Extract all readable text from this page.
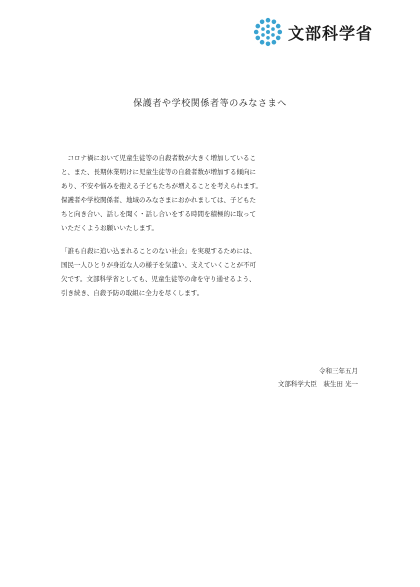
文部科学省
保護者や学校関係者等のみなさまへ
　コロナ禍において児童生徒等の自殺者数が大きく増加しているこ
と、また、長期休業明けに児童生徒等の自殺者数が増加する傾向に
あり、不安や悩みを抱える子どもたちが増えることを考えられます。
保護者や学校関係者、地域のみなさまにおかれましては、子どもた
ちと向き合い、話しを聞く・話し合いをする時間を積極的に取って
いただくようお願いいたします。
「誰も自殺に追い込まれることのない社会」を実現するためには、
国民一人ひとりが身近な人の様子を気遣い、支えていくことが不可
欠です。文部科学省としても、児童生徒等の命を守り通せるよう、
引き続き、自殺予防の取組に全力を尽くします。
令和三年五月
文部科学大臣　萩生田 光一
